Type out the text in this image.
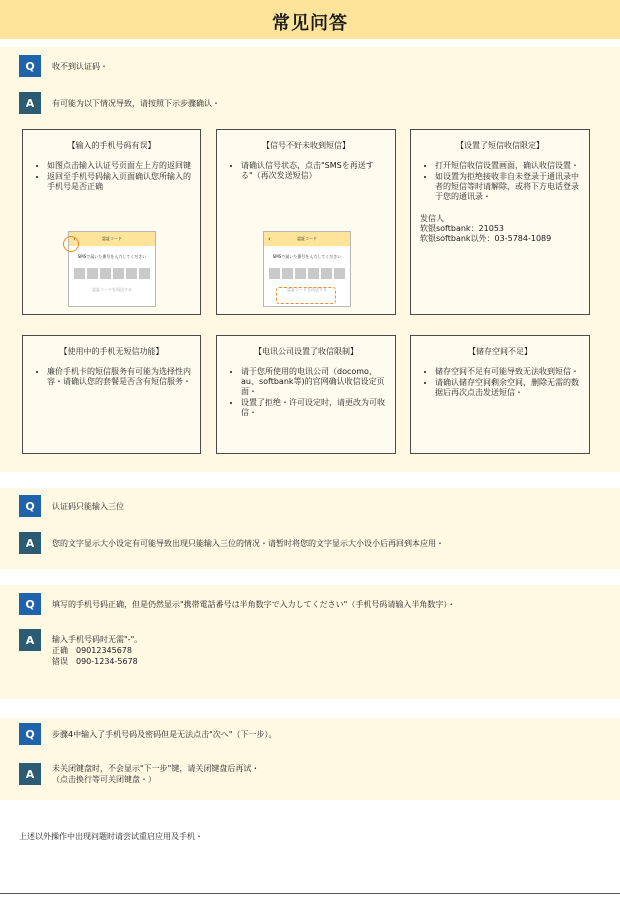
常见问答
Q	收不到认证码・
A	有可能为以下情况导致，请按照下示步骤确认・
【输入的手机号码有误】
• 如图点击输入认证号页面左上方的返回键
• 返回至手机号码输入页面确认您所输入的手机号是否正确
‹	認証コード
SMSで届いた番号を入力してください
認証コードを再送する
【信号不好未收到短信】
• 请确认信号状态，点击"SMSを再送する"（再次发送短信）
‹	認証コード
SMSで届いた番号を入力してください
認証コードを再送する
【设置了短信收信限定】
• 打开短信收信设置画面，确认收信设置・
• 如设置为拒绝接收非自未登录于通讯录中者的短信等时请解除，或将下方电话登录于您的通讯录・
发信人
软银softbank：21053
软银softbank以外：03-5784-1089
【使用中的手机无短信功能】
• 廉价手机卡的短信服务有可能为选择性内容・请确认您的套餐是否含有短信服务・
【电讯公司设置了收信限制】
• 请于您所使用的电讯公司（docomo、au、softbank等)的官网确认收信设定页面・
• 设置了拒绝・许可设定时，请更改为可收信・
【储存空间不足】
• 储存空间不足有可能导致无法收到短信・
• 请确认储存空间剩余空间，删除无需的数据后再次点击发送短信・
Q	认证码只能输入三位
A	您的文字显示大小设定有可能导致出现只能输入三位的情况・请暂时将您的文字显示大小设小后再回到本应用・
Q	填写的手机号码正确，但是仍然显示"携帯電話番号は半角数字で入力してください"（手机号码请输入半角数字）・
A	输入手机号码时无需"-"。
正确　09012345678
错误　090-1234-5678
Q	步骤4中输入了手机号码及密码但是无法点击"次へ"（下一步）。
A	未关闭键盘时，不会显示"下一步"键，请关闭键盘后再试・
（点击换行等可关闭键盘・）
上述以外操作中出现问题时请尝试重启应用及手机・
